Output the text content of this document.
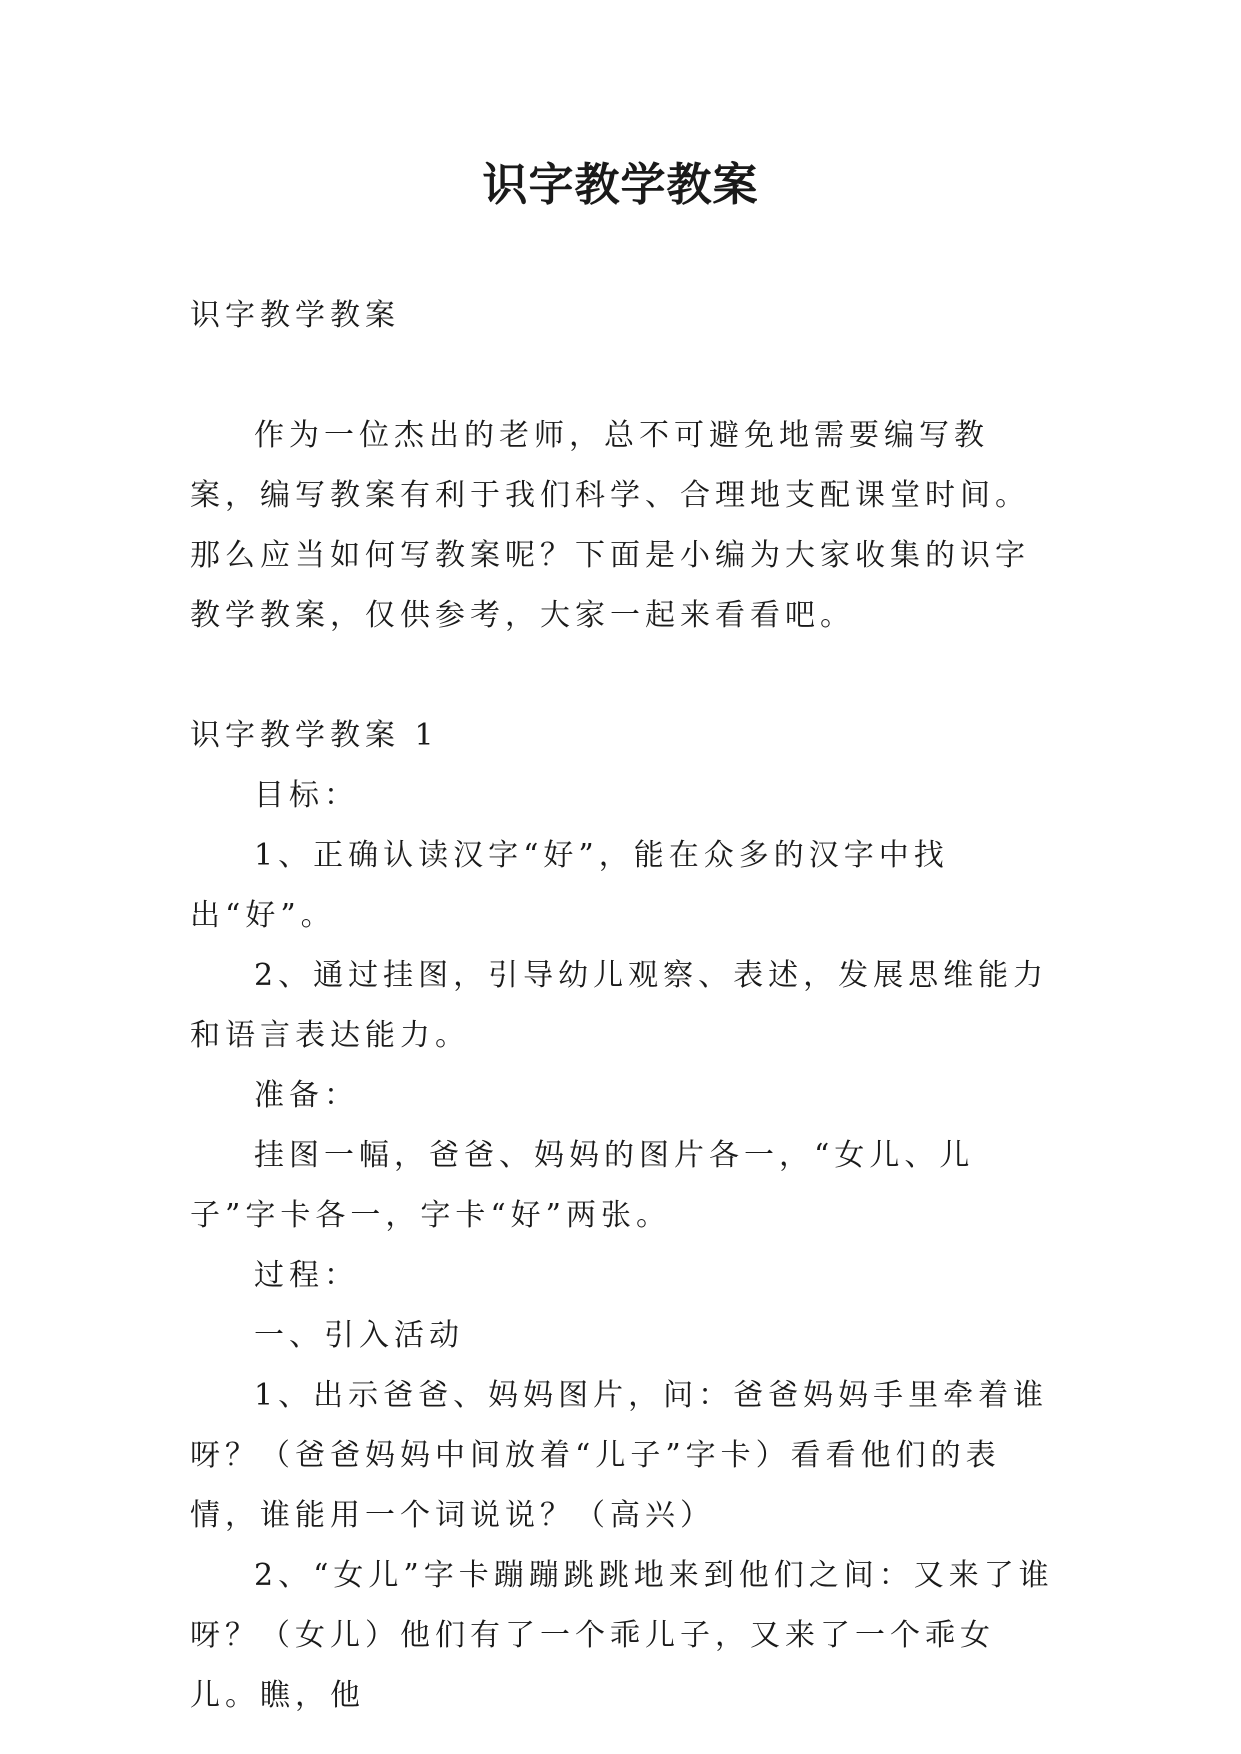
识字教学教案

识字教学教案

作为一位杰出的老师，总不可避免地需要编写教案，编写教案有利于我们科学、合理地支配课堂时间。那么应当如何写教案呢？下面是小编为大家收集的识字教学教案，仅供参考，大家一起来看看吧。

识字教学教案 1

目标：

1、正确认读汉字“好”，能在众多的汉字中找出“好”。

2、通过挂图，引导幼儿观察、表述，发展思维能力和语言表达能力。

准备：

挂图一幅，爸爸、妈妈的图片各一，“女儿、儿子”字卡各一，字卡“好”两张。

过程：

一、引入活动

1、出示爸爸、妈妈图片，问：爸爸妈妈手里牵着谁呀？（爸爸妈妈中间放着“儿子”字卡）看看他们的表情，谁能用一个词说说？（高兴）

2、“女儿”字卡蹦蹦跳跳地来到他们之间：又来了谁呀？（女儿）他们有了一个乖儿子，又来了一个乖女儿。瞧，他
